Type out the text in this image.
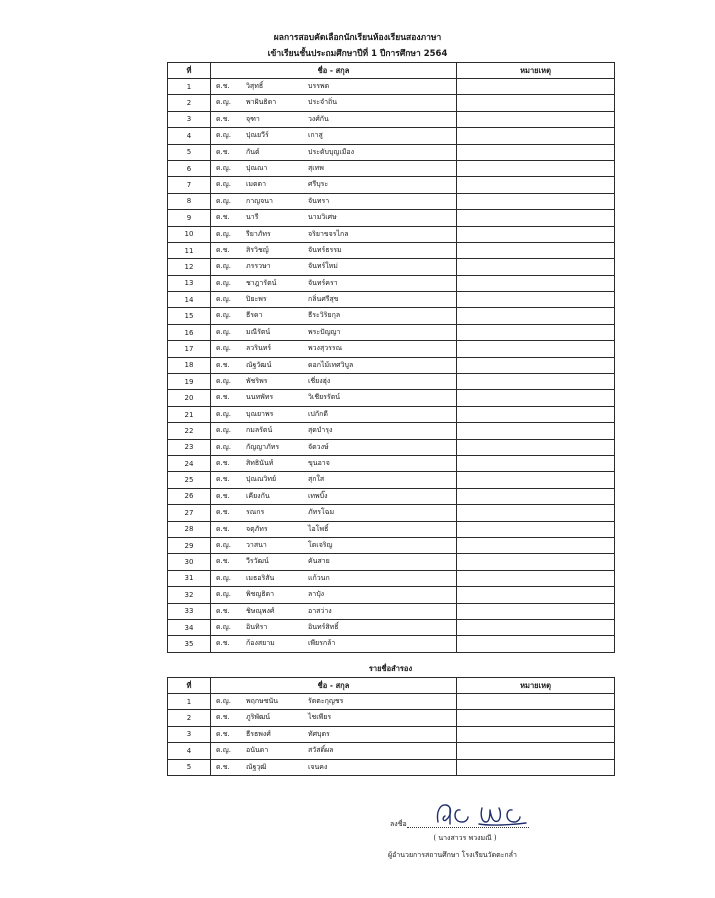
ผลการสอบคัดเลือกนักเรียนห้องเรียนสองภาษา
เข้าเรียนชั้นประถมศึกษาปีที่ 1 ปีการศึกษา 2564
ที่	ชื่อ - สกุล	หมายเหตุ
1	ด.ช. วิสุทธิ์ บรรพต	

2	ด.ญ. พาฝันธิดา ประจำถิ่น	

3	ด.ช. จุฑา วงศ์กัน	

4	ด.ญ. ปุณยวีร์ เกาสู	

5	ด.ช. กันต์ ประดับบุญเมือง	

6	ด.ญ. ปุณณา สุเทพ	

7	ด.ญ. เมตตา ศรีบุระ	

8	ด.ญ. กาญจนา จันทรา	

9	ด.ช. นารี นามวิเศษ	

10	ด.ญ. รียาภัทร จริยาขจรไกล	

11	ด.ช. สิรวิชญ์ จันทร์ธรรม	

12	ด.ญ. ภรรวษา จันทร์ใหม่	

13	ด.ญ. ชาฎารัตน์ จันทร์ครา	

14	ด.ญ. ปิยะพร กลิ่นศรีสุข	

15	ด.ญ. ธีรดา ธีระวิริยกุล	

16	ด.ญ. มณีรัตน์ พระปัญญา	

17	ด.ญ. ลวรินทร์ พวงสุวรรณ	

18	ด.ช. ณัฐวัฒน์ ดอกไม้เทศวิบูล	

19	ด.ญ. พัชริพร เชี่ยงฮุ่ง	

20	ด.ช. นนทพัทร วิเชียรรัตน์	

21	ด.ญ. บุณยาพร เปกักดี	

22	ด.ญ. กมลรัตน์ สุดบำรุง	

23	ด.ญ. กัญญาภัทร จัดวงษ์	

24	ด.ช. สิทธินันท์ ขุนอาจ	

25	ด.ช. ปุณณวิทย์ สุกใส	

26	ด.ช. เคียงกัน เทพบิ๊ง	

27	ด.ช. รณกร ภัทรโฉม	

28	ด.ช. จตุภัทร ไอโพธิ์	

29	ด.ญ. วาสนา โตเจริญ	

30	ด.ช. วีรวัฒน์ คันสาย	

31	ด.ญ. เมธอริสัน แก้วนก	

32	ด.ญ. พิชญธิดา ลาปุ๋ง	

33	ด.ช. ชิษณุพงศ์ อาสว่าง	

34	ด.ญ. อินทิรา อินทร์สิทธิ์	

35	ด.ช. ก้องสยาม เพียรกล้า	

รายชื่อสำรอง
ที่	ชื่อ - สกุล	หมายเหตุ
1	ด.ญ. พฤกษชนัน รัตตะกุญชร	

2	ด.ช. ภูริพัฒน์ ไชเพียร	

3	ด.ช. ธีรธพงศ์ ทัศบุตร	

4	ด.ญ. อนันดา สวัสดิ์ผล	

5	ด.ช. ณัฐวุฒิ เจนคง	

ลงชื่อ
( นางสาวร พวงมณี )
ผู้อำนวยการสถานศึกษา โรงเรียนวัดตะกล่ำ
